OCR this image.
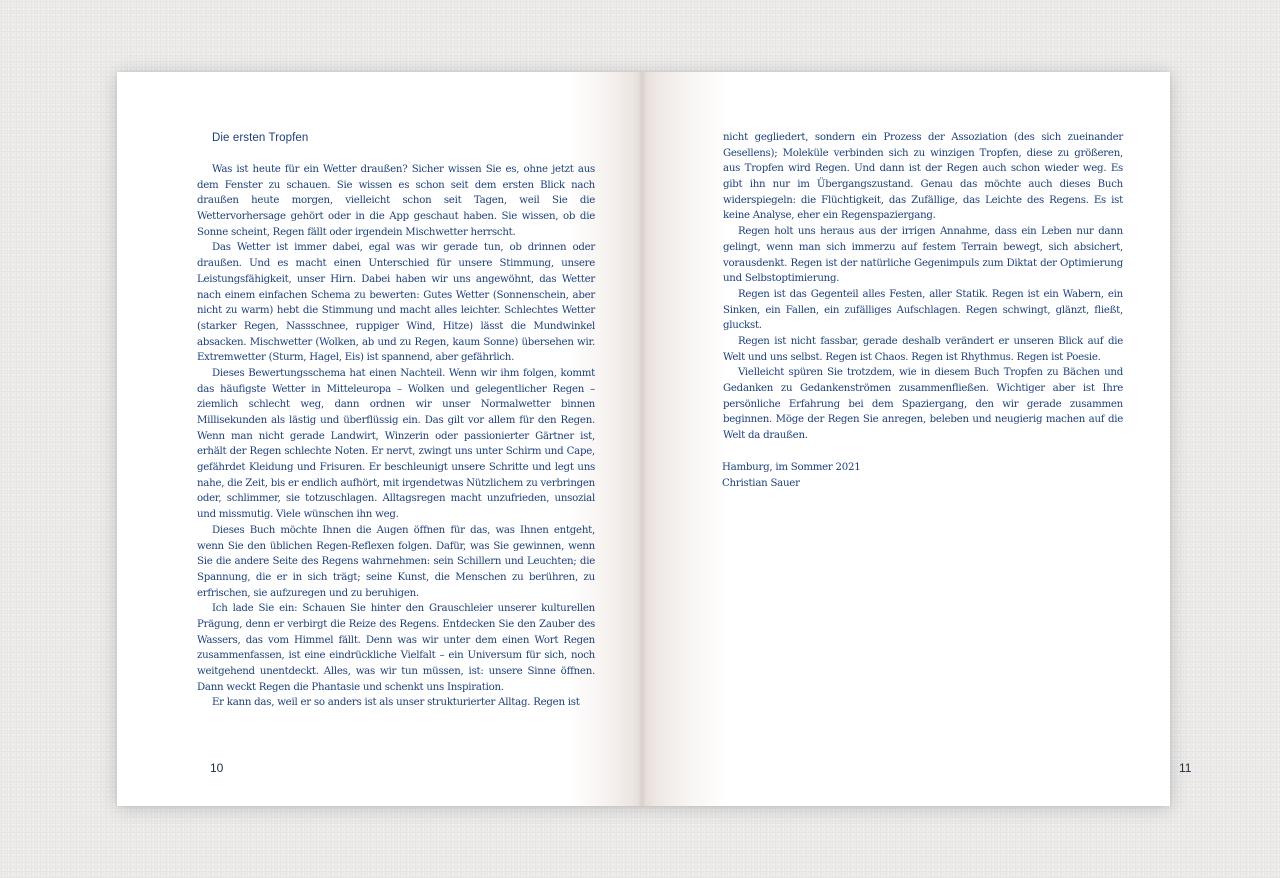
Die ersten Tropfen

Was ist heute für ein Wetter draußen? Sicher wissen Sie es, ohne jetzt aus dem Fenster zu schauen. Sie wissen es schon seit dem ersten Blick nach draußen heute morgen, vielleicht schon seit Tagen, weil Sie die Wettervorhersage gehört oder in die App geschaut haben. Sie wissen, ob die Sonne scheint, Regen fällt oder irgendein Mischwetter herrscht.

Das Wetter ist immer dabei, egal was wir gerade tun, ob drinnen oder draußen. Und es macht einen Unterschied für unsere Stimmung, unsere Leistungsfähigkeit, unser Hirn. Dabei haben wir uns angewöhnt, das Wetter nach einem einfachen Schema zu bewerten: Gutes Wetter (Sonnenschein, aber nicht zu warm) hebt die Stimmung und macht alles leichter. Schlechtes Wetter (starker Regen, Nassschnee, ruppiger Wind, Hitze) lässt die Mundwinkel absacken. Mischwetter (Wolken, ab und zu Regen, kaum Sonne) übersehen wir. Extremwetter (Sturm, Hagel, Eis) ist spannend, aber gefährlich.

Dieses Bewertungsschema hat einen Nachteil. Wenn wir ihm folgen, kommt das häufigste Wetter in Mitteleuropa – Wolken und gelegentlicher Regen – ziemlich schlecht weg, dann ordnen wir unser Normalwetter binnen Millisekunden als lästig und überflüssig ein. Das gilt vor allem für den Regen. Wenn man nicht gerade Landwirt, Winzerin oder passionierter Gärtner ist, erhält der Regen schlechte Noten. Er nervt, zwingt uns unter Schirm und Cape, gefährdet Kleidung und Frisuren. Er beschleunigt unsere Schritte und legt uns nahe, die Zeit, bis er endlich aufhört, mit irgendetwas Nützlichem zu verbringen oder, schlimmer, sie totzuschlagen. Alltagsregen macht unzufrieden, unsozial und missmutig. Viele wünschen ihn weg.

Dieses Buch möchte Ihnen die Augen öffnen für das, was Ihnen entgeht, wenn Sie den üblichen Regen-Reflexen folgen. Dafür, was Sie gewinnen, wenn Sie die andere Seite des Regens wahrnehmen: sein Schillern und Leuchten; die Spannung, die er in sich trägt; seine Kunst, die Menschen zu berühren, zu erfrischen, sie aufzuregen und zu beruhigen.

Ich lade Sie ein: Schauen Sie hinter den Grauschleier unserer kulturellen Prägung, denn er verbirgt die Reize des Regens. Entdecken Sie den Zauber des Wassers, das vom Himmel fällt. Denn was wir unter dem einen Wort Regen zusammenfassen, ist eine eindrückliche Vielfalt – ein Universum für sich, noch weitgehend unentdeckt. Alles, was wir tun müssen, ist: unsere Sinne öffnen. Dann weckt Regen die Phantasie und schenkt uns Inspiration.

Er kann das, weil er so anders ist als unser strukturierter Alltag. Regen ist

10

nicht gegliedert, sondern ein Prozess der Assoziation (des sich zueinander Gesellens); Moleküle verbinden sich zu winzigen Tropfen, diese zu größeren, aus Tropfen wird Regen. Und dann ist der Regen auch schon wieder weg. Es gibt ihn nur im Übergangszustand. Genau das möchte auch dieses Buch widerspiegeln: die Flüchtigkeit, das Zufällige, das Leichte des Regens. Es ist keine Analyse, eher ein Regenspaziergang.

Regen holt uns heraus aus der irrigen Annahme, dass ein Leben nur dann gelingt, wenn man sich immerzu auf festem Terrain bewegt, sich absichert, vorausdenkt. Regen ist der natürliche Gegenimpuls zum Diktat der Optimierung und Selbstoptimierung.

Regen ist das Gegenteil alles Festen, aller Statik. Regen ist ein Wabern, ein Sinken, ein Fallen, ein zufälliges Aufschlagen. Regen schwingt, glänzt, fließt, gluckst.

Regen ist nicht fassbar, gerade deshalb verändert er unseren Blick auf die Welt und uns selbst. Regen ist Chaos. Regen ist Rhythmus. Regen ist Poesie.

Vielleicht spüren Sie trotzdem, wie in diesem Buch Tropfen zu Bächen und Gedanken zu Gedankenströmen zusammenfließen. Wichtiger aber ist Ihre persönliche Erfahrung bei dem Spaziergang, den wir gerade zusammen beginnen. Möge der Regen Sie anregen, beleben und neugierig machen auf die Welt da draußen.

Hamburg, im Sommer 2021
Christian Sauer
11
